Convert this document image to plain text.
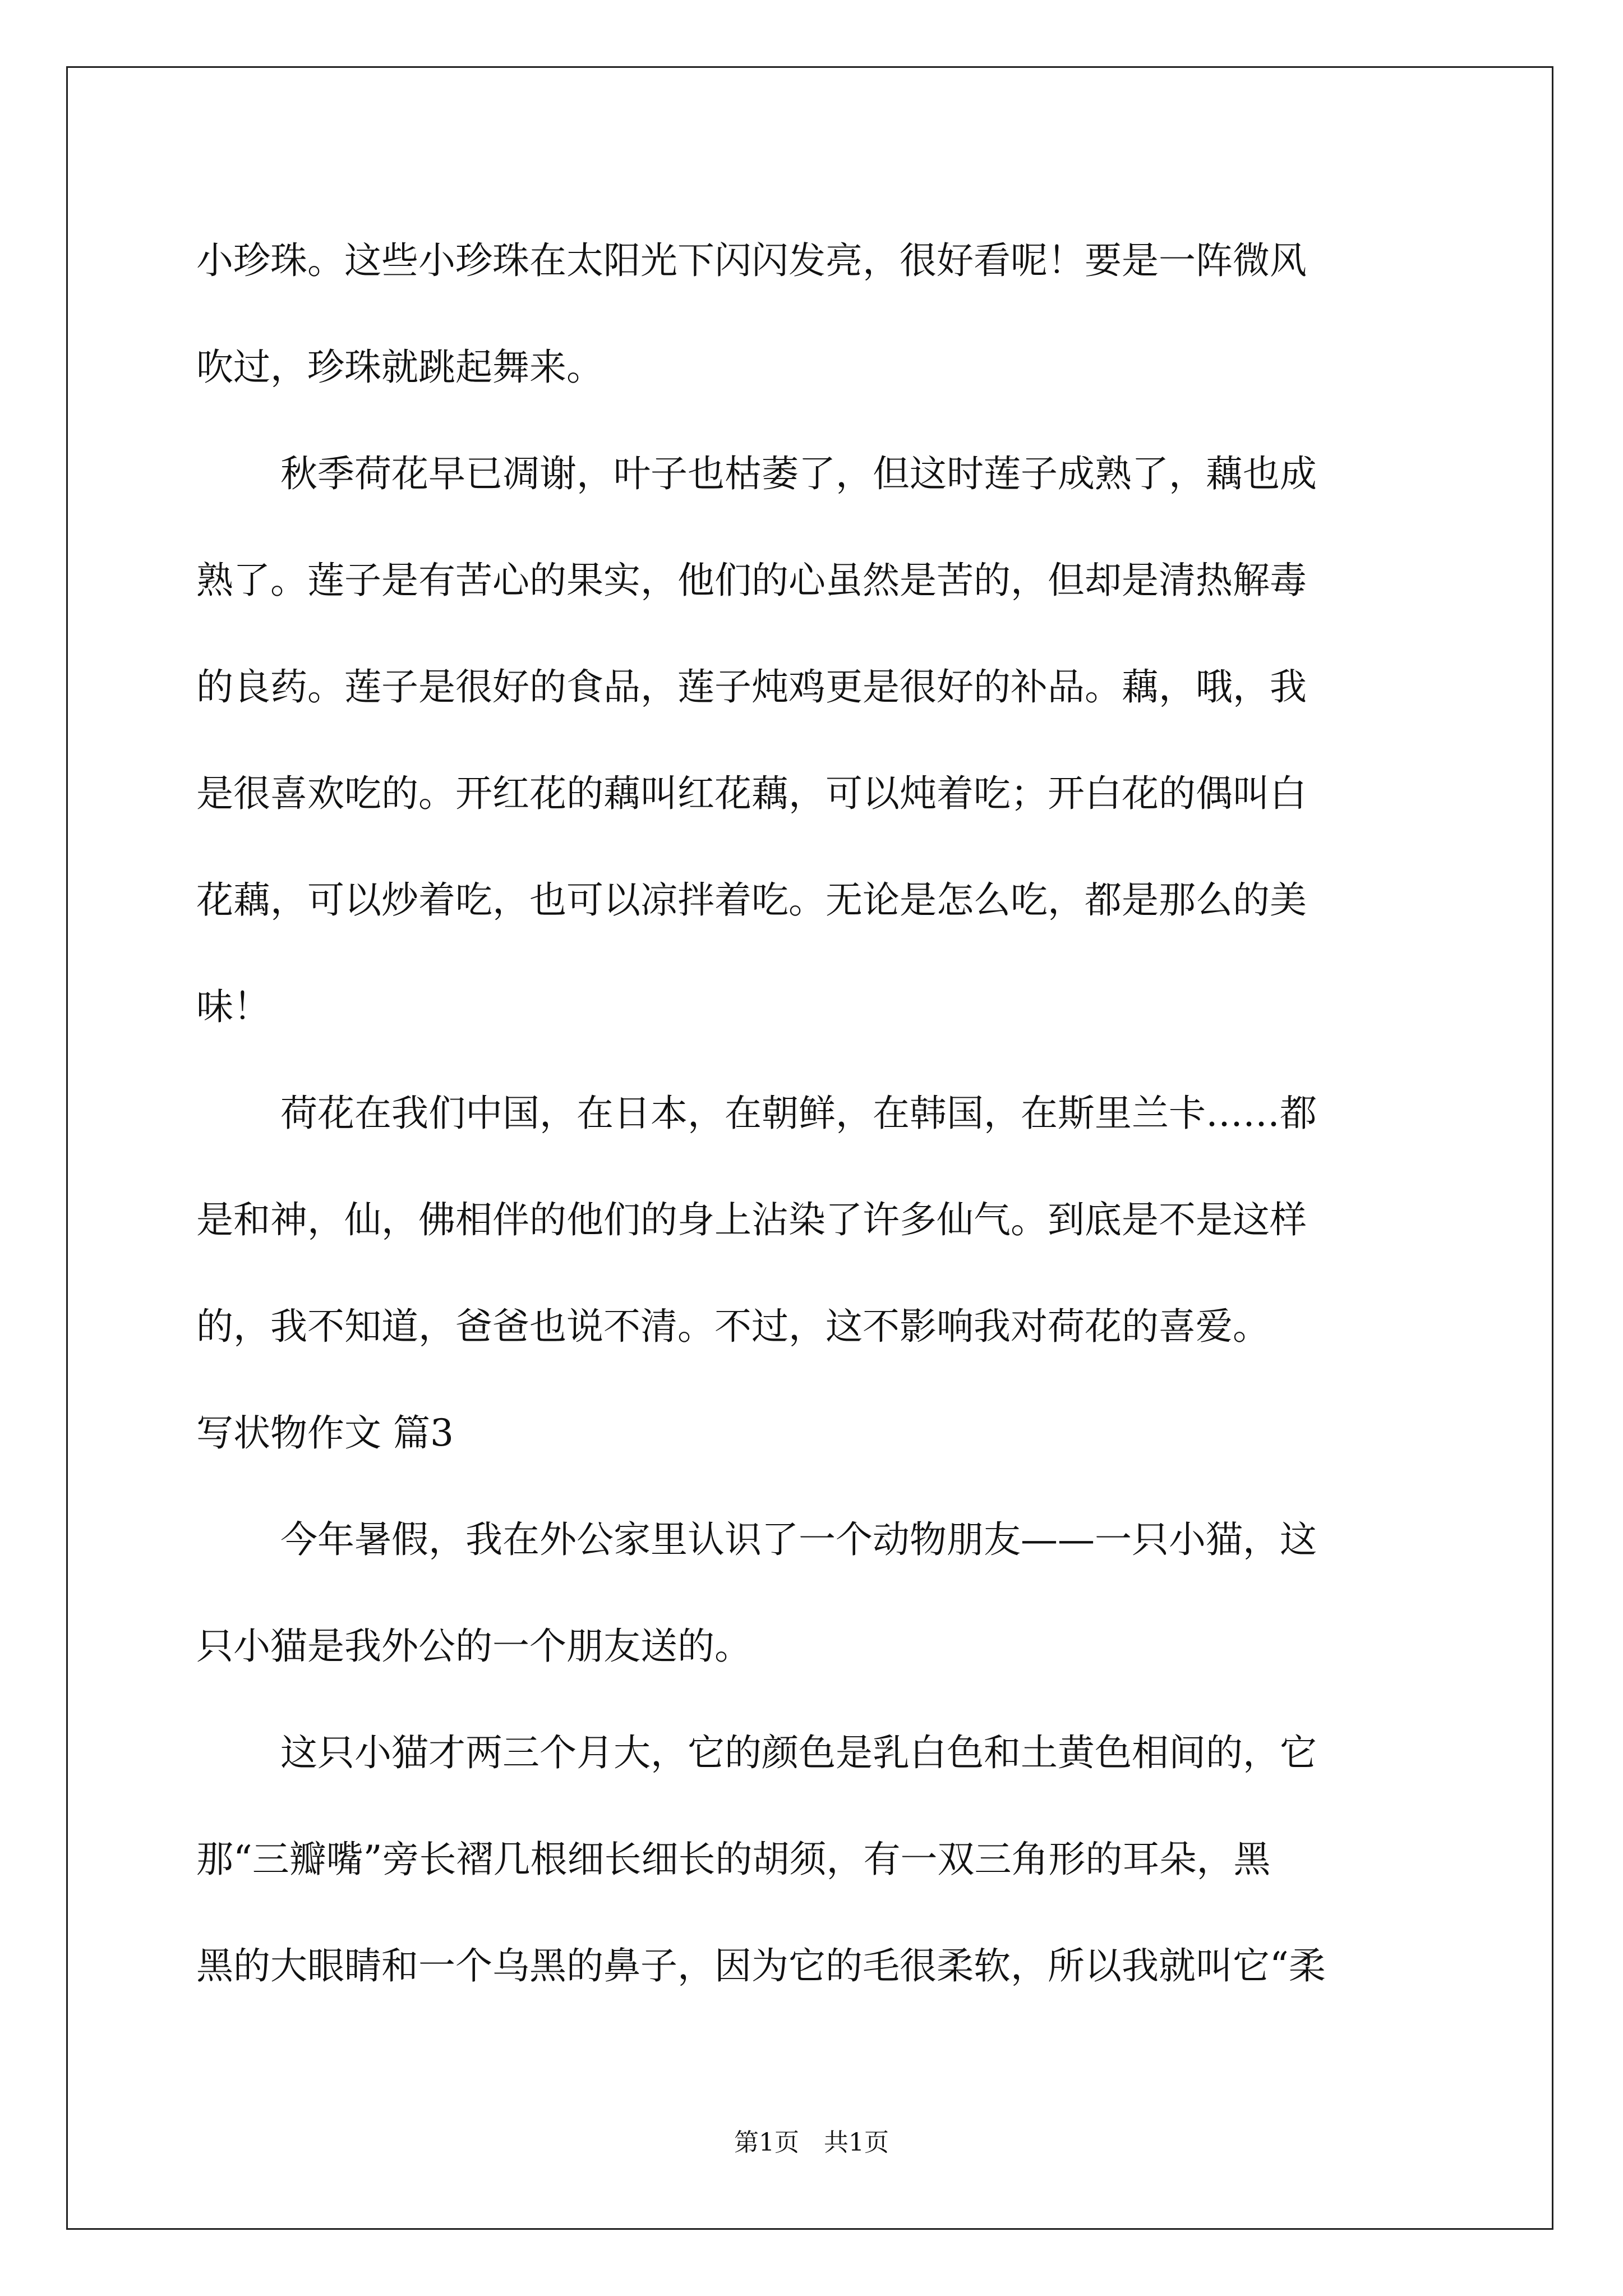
小珍珠。这些小珍珠在太阳光下闪闪发亮，很好看呢！要是一阵微风
吹过，珍珠就跳起舞来。
秋季荷花早已凋谢，叶子也枯萎了，但这时莲子成熟了，藕也成
熟了。莲子是有苦心的果实，他们的心虽然是苦的，但却是清热解毒
的良药。莲子是很好的食品，莲子炖鸡更是很好的补品。藕，哦，我
是很喜欢吃的。开红花的藕叫红花藕，可以炖着吃；开白花的偶叫白
花藕，可以炒着吃，也可以凉拌着吃。无论是怎么吃，都是那么的美
味！
荷花在我们中国，在日本，在朝鲜，在韩国，在斯里兰卡……都
是和神，仙，佛相伴的他们的身上沾染了许多仙气。到底是不是这样
的，我不知道，爸爸也说不清。不过，这不影响我对荷花的喜爱。
写状物作文 篇3
今年暑假，我在外公家里认识了一个动物朋友——一只小猫，这
只小猫是我外公的一个朋友送的。
这只小猫才两三个月大，它的颜色是乳白色和土黄色相间的，它
那“三瓣嘴”旁长褶几根细长细长的胡须，有一双三角形的耳朵，黑
黑的大眼睛和一个乌黑的鼻子，因为它的毛很柔软，所以我就叫它“柔
第1页　共1页
